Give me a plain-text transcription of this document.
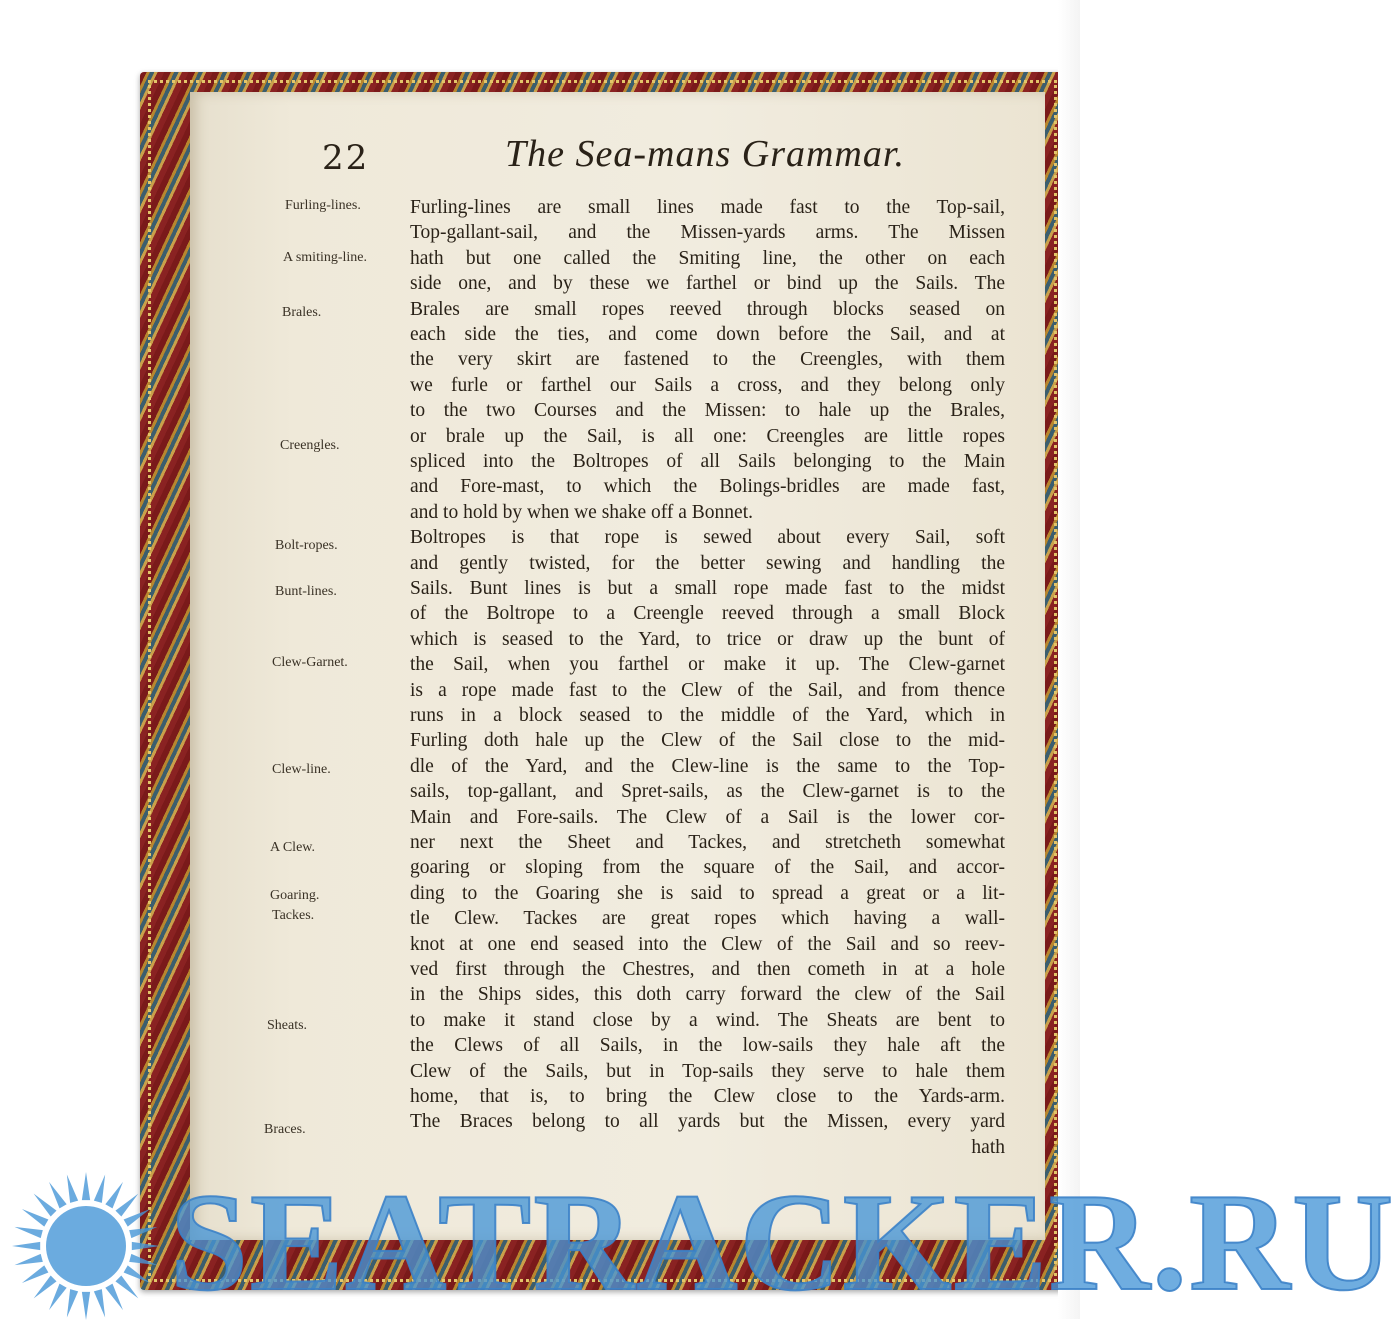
22	The Sea-mans Grammar.
Furling-lines.
A smiting-line.
Brales.
Creengles.
Bolt-ropes.
Bunt-lines.
Clew-Garnet.
Clew-line.
A Clew.
Goaring.
Tackes.
Sheats.
Braces.
Furling-lines are small lines made fast to the Top-sail,
Top-gallant-sail, and the Missen-yards arms. The Missen
hath but one called the Smiting line, the other on each
side one, and by these we farthel or bind up the Sails. The
Brales are small ropes reeved through blocks seased on
each side the ties, and come down before the Sail, and at
the very skirt are fastened to the Creengles, with them
we furle or farthel our Sails a cross, and they belong only
to the two Courses and the Missen: to hale up the Brales,
or brale up the Sail, is all one: Creengles are little ropes
spliced into the Boltropes of all Sails belonging to the Main
and Fore-mast, to which the Bolings-bridles are made fast,
and to hold by when we shake off a Bonnet.
Boltropes is that rope is sewed about every Sail, soft
and gently twisted, for the better sewing and handling the
Sails. Bunt lines is but a small rope made fast to the midst
of the Boltrope to a Creengle reeved through a small Block
which is seased to the Yard, to trice or draw up the bunt of
the Sail, when you farthel or make it up. The Clew-garnet
is a rope made fast to the Clew of the Sail, and from thence
runs in a block seased to the middle of the Yard, which in
Furling doth hale up the Clew of the Sail close to the mid-
dle of the Yard, and the Clew-line is the same to the Top-
sails, top-gallant, and Spret-sails, as the Clew-garnet is to the
Main and Fore-sails. The Clew of a Sail is the lower cor-
ner next the Sheet and Tackes, and stretcheth somewhat
goaring or sloping from the square of the Sail, and accor-
ding to the Goaring she is said to spread a great or a lit-
tle Clew. Tackes are great ropes which having a wall-
knot at one end seased into the Clew of the Sail and so reev-
ved first through the Chestres, and then cometh in at a hole
in the Ships sides, this doth carry forward the clew of the Sail
to make it stand close by a wind. The Sheats are bent to
the Clews of all Sails, in the low-sails they hale aft the
Clew of the Sails, but in Top-sails they serve to hale them
home, that is, to bring the Clew close to the Yards-arm.
The Braces belong to all yards but the Missen, every yard
hath
SEATRACKER.RU
